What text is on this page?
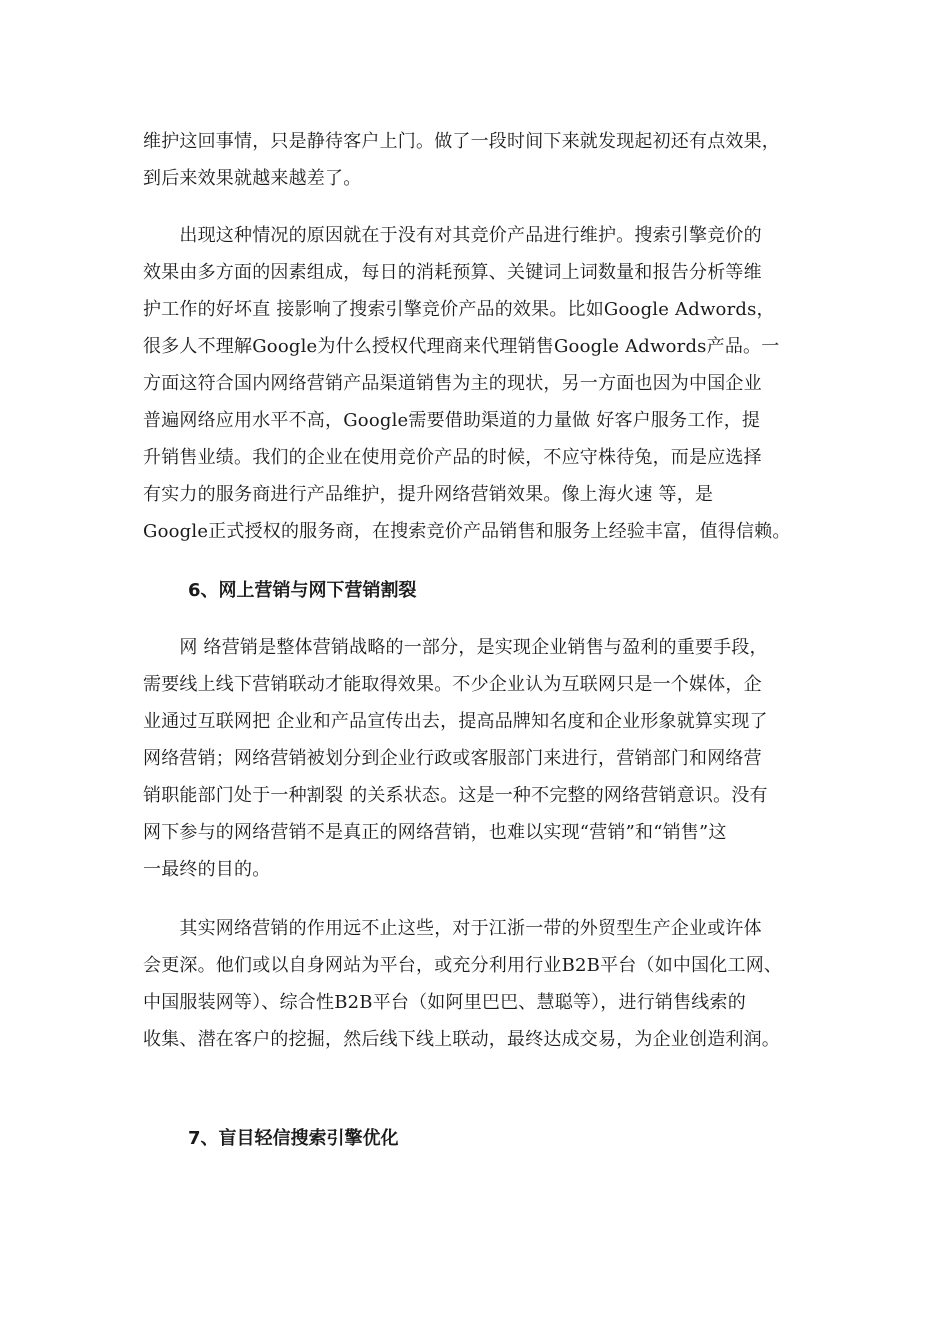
维护这回事情，只是静待客户上门。做了一段时间下来就发现起初还有点效果，
到后来效果就越来越差了。
　　出现这种情况的原因就在于没有对其竞价产品进行维护。搜索引擎竞价的
效果由多方面的因素组成，每日的消耗预算、关键词上词数量和报告分析等维
护工作的好坏直 接影响了搜索引擎竞价产品的效果。比如Google Adwords，
很多人不理解Google为什么授权代理商来代理销售Google Adwords产品。一
方面这符合国内网络营销产品渠道销售为主的现状，另一方面也因为中国企业
普遍网络应用水平不高，Google需要借助渠道的力量做 好客户服务工作，提
升销售业绩。我们的企业在使用竞价产品的时候，不应守株待兔，而是应选择
有实力的服务商进行产品维护，提升网络营销效果。像上海火速 等，是
Google正式授权的服务商，在搜索竞价产品销售和服务上经验丰富，值得信赖。
6、网上营销与网下营销割裂
　　网 络营销是整体营销战略的一部分，是实现企业销售与盈利的重要手段，
需要线上线下营销联动才能取得效果。不少企业认为互联网只是一个媒体，企
业通过互联网把 企业和产品宣传出去，提高品牌知名度和企业形象就算实现了
网络营销；网络营销被划分到企业行政或客服部门来进行，营销部门和网络营
销职能部门处于一种割裂 的关系状态。这是一种不完整的网络营销意识。没有
网下参与的网络营销不是真正的网络营销，也难以实现“营销”和“销售”这
一最终的目的。
　　其实网络营销的作用远不止这些，对于江浙一带的外贸型生产企业或许体
会更深。他们或以自身网站为平台，或充分利用行业B2B平台（如中国化工网、
中国服装网等）、综合性B2B平台（如阿里巴巴、慧聪等），进行销售线索的
收集、潜在客户的挖掘，然后线下线上联动，最终达成交易，为企业创造利润。
7、盲目轻信搜索引擎优化
